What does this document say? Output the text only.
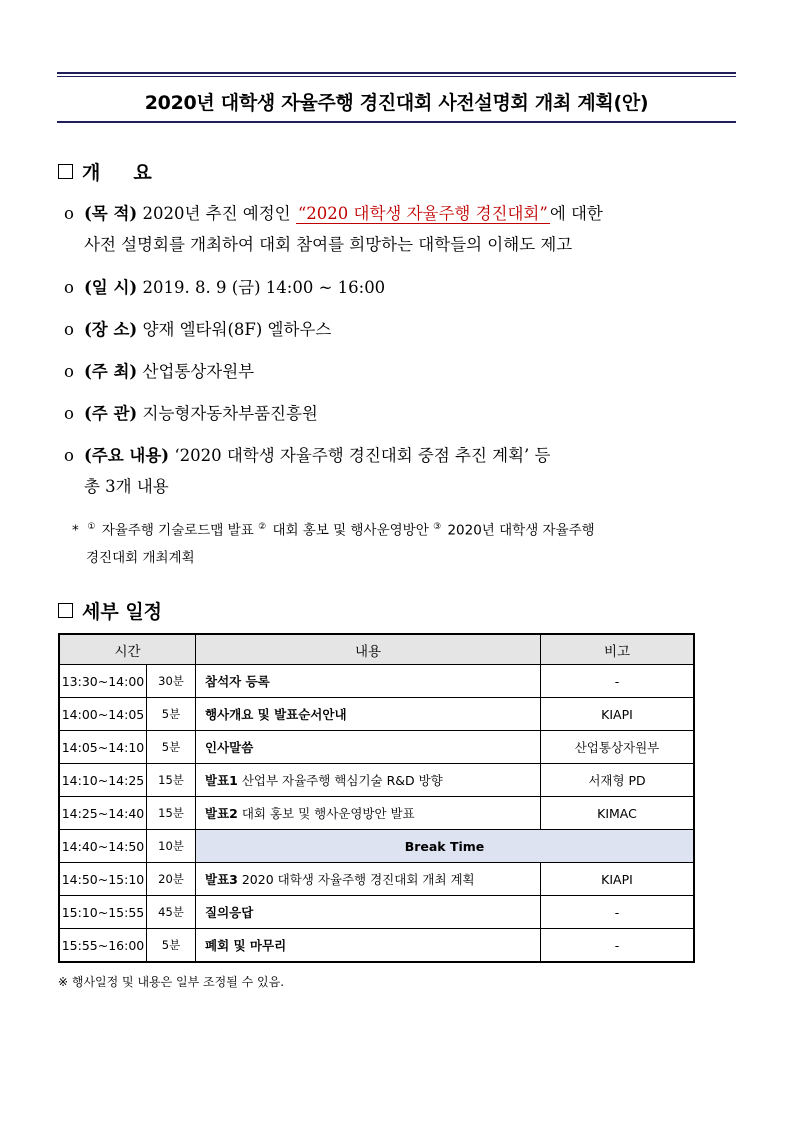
2020년 대학생 자율주행 경진대회 사전설명회 개최 계획(안)
개     요
o (목 적) 2020년 추진 예정인 “2020 대학생 자율주행 경진대회” 에 대한
사전 설명회를 개최하여 대회 참여를 희망하는 대학들의 이해도 제고
o (일 시) 2019. 8. 9 (금) 14:00 ~ 16:00
o (장 소) 양재 엘타워(8F) 엘하우스
o (주 최) 산업통상자원부
o (주 관) 지능형자동차부품진흥원
o (주요 내용) ‘2020 대학생 자율주행 경진대회 중점 추진 계획’ 등
총 3개 내용
* ① 자율주행 기술로드맵 발표 ② 대회 홍보 및 행사운영방안 ③ 2020년 대학생 자율주행
경진대회 개최계획
세부 일정
시간		내용	비고
13:30~14:00	30분	참석자 등록	-
14:00~14:05	5분	행사개요 및 발표순서안내	KIAPI
14:05~14:10	5분	인사말씀	산업통상자원부
14:10~14:25	15분	발표1 산업부 자율주행 핵심기술 R&D 방향	서재형 PD
14:25~14:40	15분	발표2 대회 홍보 및 행사운영방안 발표	KIMAC
14:40~14:50	10분	Break Time	
14:50~15:10	20분	발표3 2020 대학생 자율주행 경진대회 개최 계획	KIAPI
15:10~15:55	45분	질의응답	-
15:55~16:00	5분	폐회 및 마무리	-
※ 행사일정 및 내용은 일부 조정될 수 있음.
